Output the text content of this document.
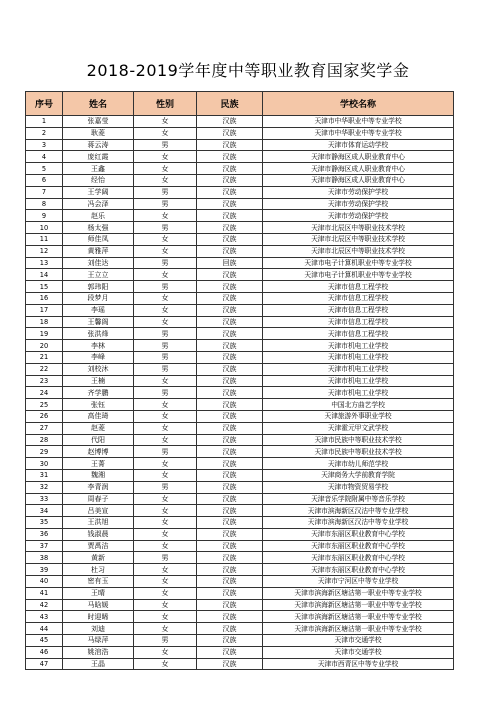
2018-2019学年度中等职业教育国家奖学金
序号	姓名	性别	民族	学校名称
1	张嘉莹	女	汉族	天津市中华职业中等专业学校
2	耿菱	女	汉族	天津市中华职业中等专业学校
3	蒋云涛	男	汉族	天津市体育运动学校
4	庞红霞	女	汉族	天津市静海区成人职业教育中心
5	王鑫	女	汉族	天津市静海区成人职业教育中心
6	经怡	女	汉族	天津市静海区成人职业教育中心
7	王学阔	男	汉族	天津市劳动保护学校
8	冯会泽	男	汉族	天津市劳动保护学校
9	赵乐	女	汉族	天津市劳动保护学校
10	杨太强	男	汉族	天津市北辰区中等职业技术学校
11	师佳凤	女	汉族	天津市北辰区中等职业技术学校
12	黄雅萍	女	汉族	天津市北辰区中等职业技术学校
13	刘佳达	男	回族	天津市电子计算机职业中等专业学校
14	王立立	女	汉族	天津市电子计算机职业中等专业学校
15	郭玮阳	男	汉族	天津市信息工程学校
16	段梦月	女	汉族	天津市信息工程学校
17	李瑶	女	汉族	天津市信息工程学校
18	王馨阁	女	汉族	天津市信息工程学校
19	张洪烽	男	汉族	天津市信息工程学校
20	李林	男	汉族	天津市机电工业学校
21	李峰	男	汉族	天津市机电工业学校
22	刘校沐	男	汉族	天津市机电工业学校
23	王楠	女	汉族	天津市机电工业学校
24	齐学鹏	男	汉族	天津市机电工业学校
25	张钰	女	汉族	中国北方曲艺学校
26	高佳琦	女	汉族	天津旅游外事职业学校
27	赵菱	女	汉族	天津霍元甲文武学校
28	代阳	女	汉族	天津市民族中等职业技术学校
29	赵博博	男	汉族	天津市民族中等职业技术学校
30	王菁	女	汉族	天津市幼儿师范学校
31	魏湘	女	汉族	天津商务大学前教育学院
32	李青润	男	汉族	天津市物资贸易学校
33	周春子	女	汉族	天津音乐学院附属中等音乐学校
34	吕美宣	女	汉族	天津市滨海新区汉沽中等专业学校
35	王洪旭	女	汉族	天津市滨海新区汉沽中等专业学校
36	钱淑晨	女	汉族	天津市东丽区职业教育中心学校
37	贾禹洁	女	汉族	天津市东丽区职业教育中心学校
38	黄新	男	汉族	天津市东丽区职业教育中心学校
39	杜习	女	汉族	天津市东丽区职业教育中心学校
40	密有玉	女	汉族	天津市宁河区中等专业学校
41	王晴	女	汉族	天津市滨海新区塘沽第一职业中等专业学校
42	马晗媛	女	汉族	天津市滨海新区塘沽第一职业中等专业学校
43	时迎晞	女	汉族	天津市滨海新区塘沽第一职业中等专业学校
44	刘迪	女	汉族	天津市滨海新区塘沽第一职业中等专业学校
45	马绿萍	男	汉族	天津市交通学校
46	姚涫浩	女	汉族	天津市交通学校
47	王晶	女	汉族	天津市西青区中等专业学校
